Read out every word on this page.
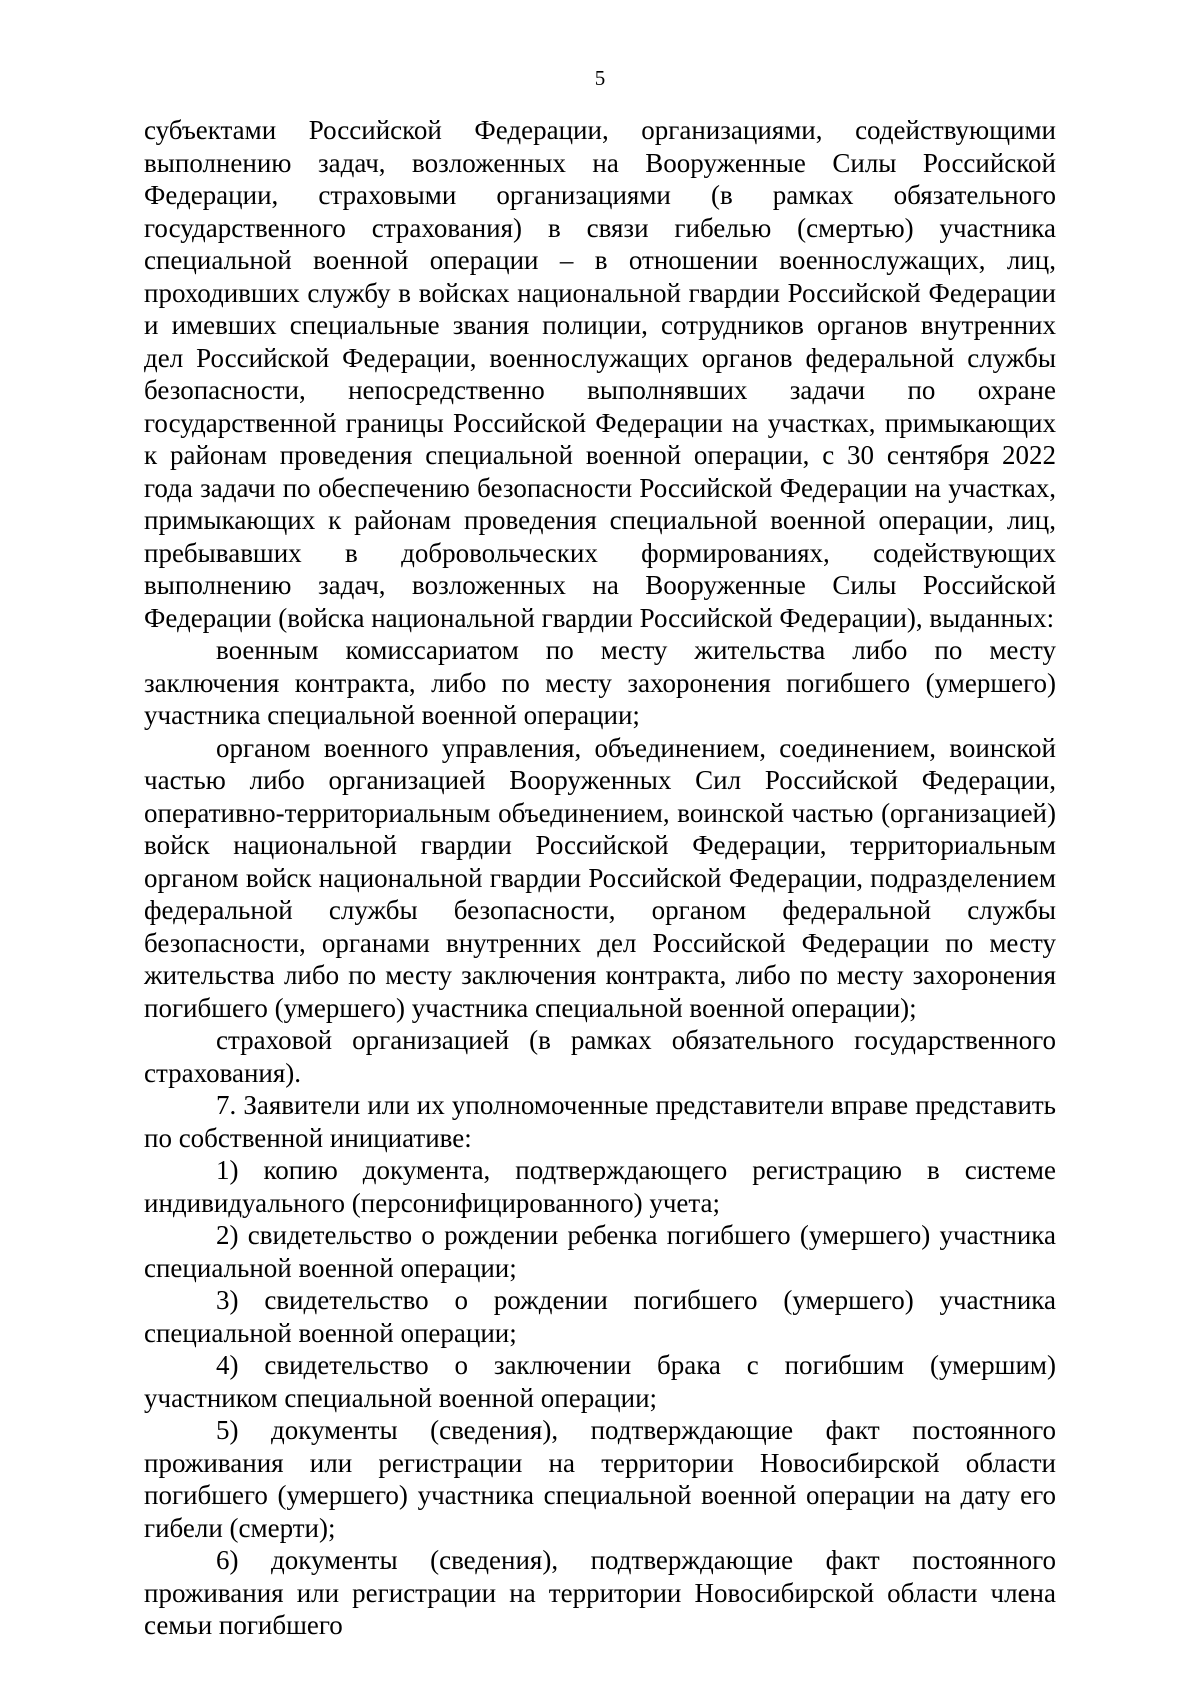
5

субъектами Российской Федерации, организациями, содействующими выполнению задач, возложенных на Вооруженные Силы Российской Федерации, страховыми организациями (в рамках обязательного государственного страхования) в связи гибелью (смертью) участника специальной военной операции – в отношении военнослужащих, лиц, проходивших службу в войсках национальной гвардии Российской Федерации и имевших специальные звания полиции, сотрудников органов внутренних дел Российской Федерации, военнослужащих органов федеральной службы безопасности, непосредственно выполнявших задачи по охране государственной границы Российской Федерации на участках, примыкающих к районам проведения специальной военной операции, с 30 сентября 2022 года задачи по обеспечению безопасности Российской Федерации на участках, примыкающих к районам проведения специальной военной операции, лиц, пребывавших в добровольческих формированиях, содействующих выполнению задач, возложенных на Вооруженные Силы Российской Федерации (войска национальной гвардии Российской Федерации), выданных:

военным комиссариатом по месту жительства либо по месту заключения контракта, либо по месту захоронения погибшего (умершего) участника специальной военной операции;

органом военного управления, объединением, соединением, воинской частью либо организацией Вооруженных Сил Российской Федерации, оперативно-территориальным объединением, воинской частью (организацией) войск национальной гвардии Российской Федерации, территориальным органом войск национальной гвардии Российской Федерации, подразделением федеральной службы безопасности, органом федеральной службы безопасности, органами внутренних дел Российской Федерации по месту жительства либо по месту заключения контракта, либо по месту захоронения погибшего (умершего) участника специальной военной операции);

страховой организацией (в рамках обязательного государственного страхования).

7. Заявители или их уполномоченные представители вправе представить по собственной инициативе:

1) копию документа, подтверждающего регистрацию в системе индивидуального (персонифицированного) учета;

2) свидетельство о рождении ребенка погибшего (умершего) участника специальной военной операции;

3) свидетельство о рождении погибшего (умершего) участника специальной военной операции;

4) свидетельство о заключении брака с погибшим (умершим) участником специальной военной операции;

5) документы (сведения), подтверждающие факт постоянного проживания или регистрации на территории Новосибирской области погибшего (умершего) участника специальной военной операции на дату его гибели (смерти);

6) документы (сведения), подтверждающие факт постоянного проживания или регистрации на территории Новосибирской области члена семьи погибшего
